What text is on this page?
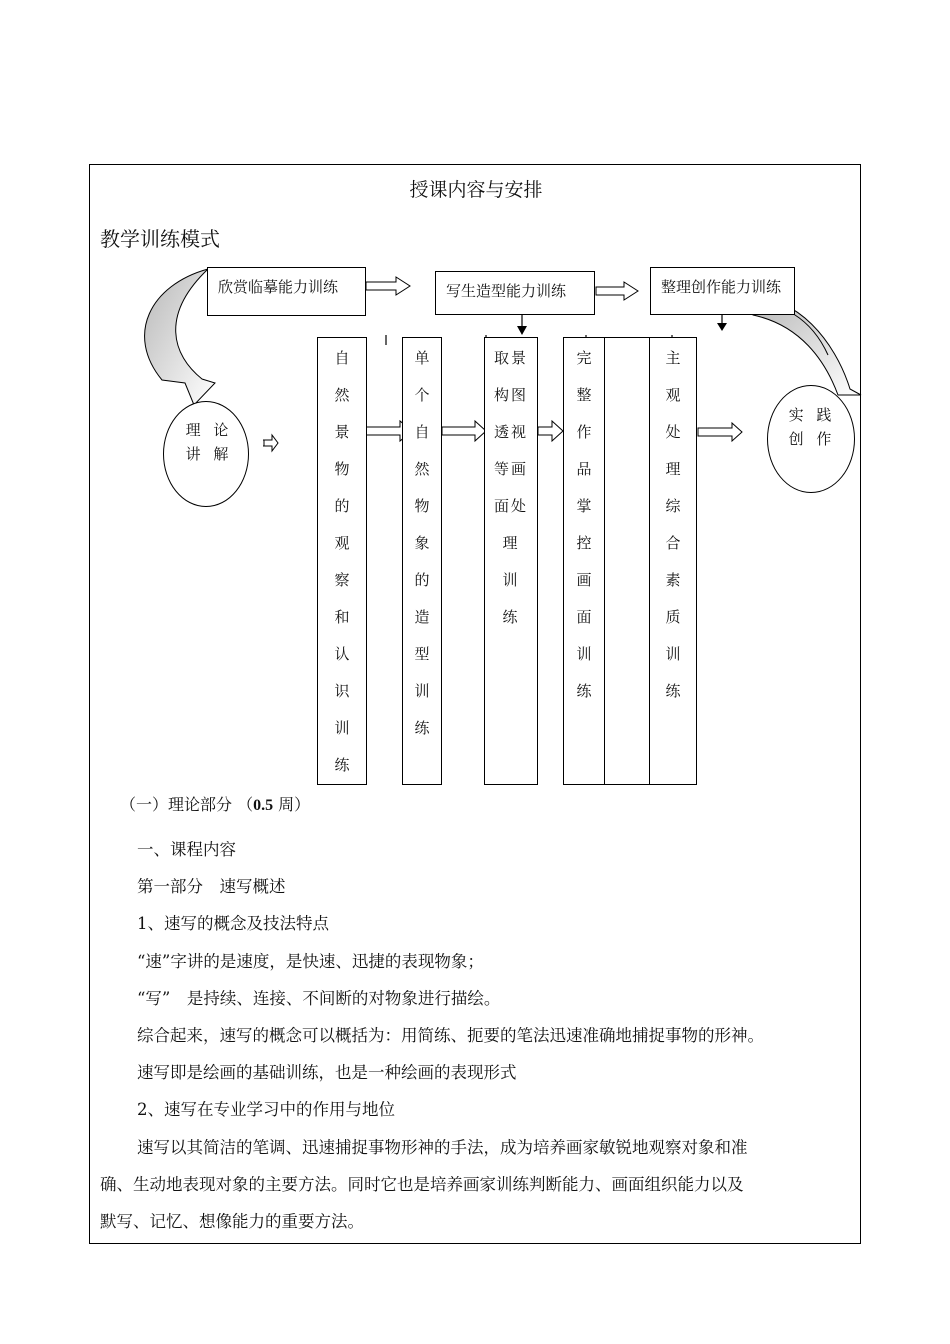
授课内容与安排
教学训练模式
欣赏临摹能力训练	写生造型能力训练	整理创作能力训练
理 论
讲 解
实 践
创 作
自
然
景
物
的
观
察
和
认
识
训
练
单
个
自
然
物
象
的
造
型
训
练
取景
构图
透视
等画
面处
理
训
练
完
整
作
品
掌
控
画
面
训
练
主
观
处
理
综
合
素
质
训
练
（一）理论部分 （0.5 周）

一、课程内容

第一部分　速写概述

1、速写的概念及技法特点

“速”字讲的是速度，是快速、迅捷的表现物象；

“写”　是持续、连接、不间断的对物象进行描绘。

综合起来，速写的概念可以概括为：用简练、扼要的笔法迅速准确地捕捉事物的形神。

速写即是绘画的基础训练，也是一种绘画的表现形式

2、速写在专业学习中的作用与地位

速写以其简洁的笔调、迅速捕捉事物形神的手法，成为培养画家敏锐地观察对象和准

确、生动地表现对象的主要方法。同时它也是培养画家训练判断能力、画面组织能力以及

默写、记忆、想像能力的重要方法。
